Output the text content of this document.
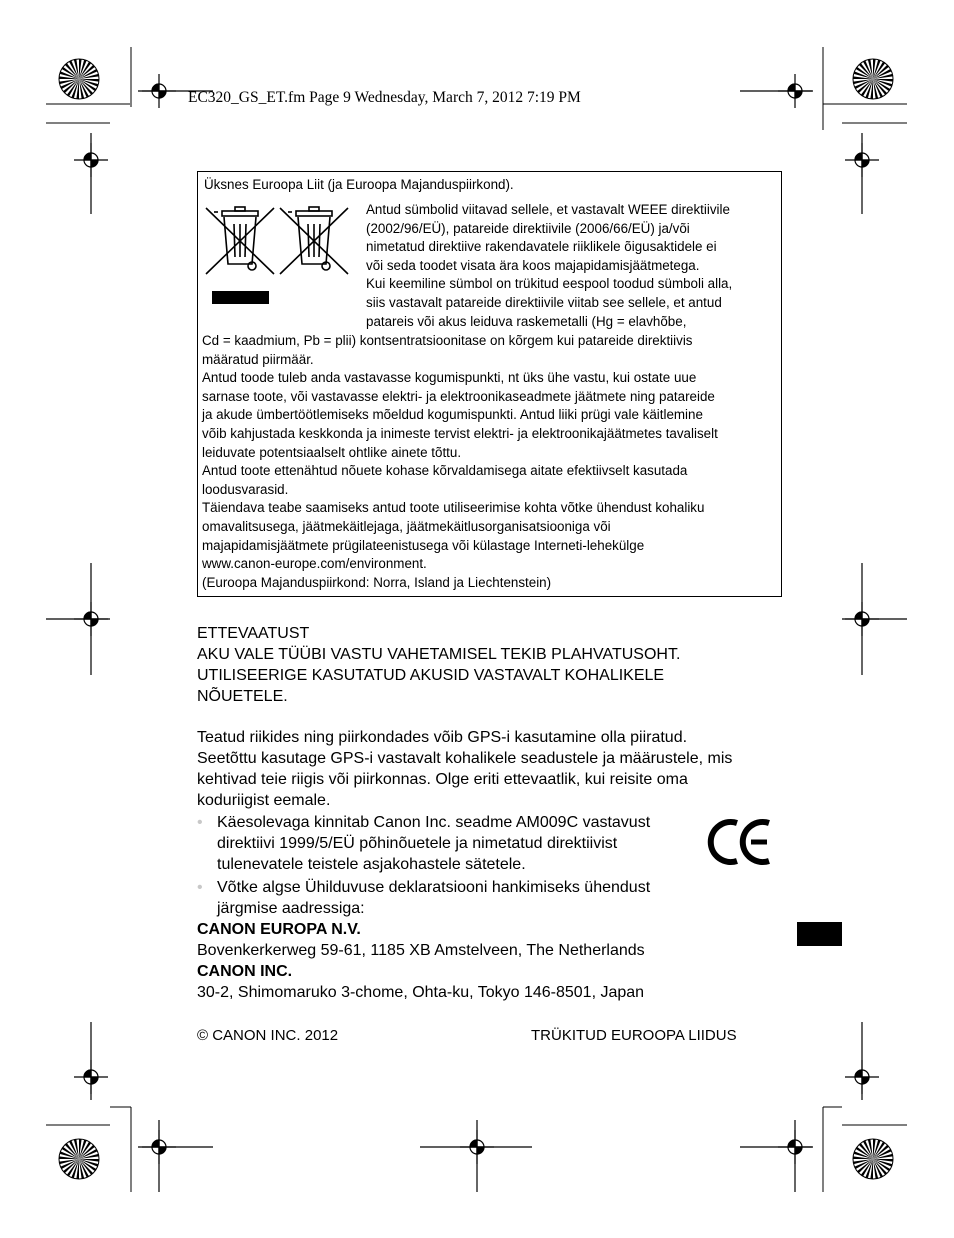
EC320_GS_ET.fm Page 9 Wednesday, March 7, 2012 7:19 PM
Üksnes Euroopa Liit (ja Euroopa Majanduspiirkond).
Antud sümbolid viitavad sellele, et vastavalt WEEE direktiivile
(2002/96/EÜ), patareide direktiivile (2006/66/EÜ) ja/või
nimetatud direktiive rakendavatele riiklikele õigusaktidele ei
või seda toodet visata ära koos majapidamisjäätmetega.
Kui keemiline sümbol on trükitud eespool toodud sümboli alla,
siis vastavalt patareide direktiivile viitab see sellele, et antud
patareis või akus leiduva raskemetalli (Hg = elavhõbe,
Cd = kaadmium, Pb = plii) kontsentratsioonitase on kõrgem kui patareide direktiivis
määratud piirmäär.
Antud toode tuleb anda vastavasse kogumispunkti, nt üks ühe vastu, kui ostate uue
sarnase toote, või vastavasse elektri- ja elektroonikaseadmete jäätmete ning patareide
ja akude ümbertöötlemiseks mõeldud kogumispunkti. Antud liiki prügi vale käitlemine
võib kahjustada keskkonda ja inimeste tervist elektri- ja elektroonikajäätmetes tavaliselt
leiduvate potentsiaalselt ohtlike ainete tõttu.
Antud toote ettenähtud nõuete kohase kõrvaldamisega aitate efektiivselt kasutada
loodusvarasid.
Täiendava teabe saamiseks antud toote utiliseerimise kohta võtke ühendust kohaliku
omavalitsusega, jäätmekäitlejaga, jäätmekäitlusorganisatsiooniga või
majapidamisjäätmete prügilateenistusega või külastage Interneti-lehekülge
www.canon-europe.com/environment.
(Euroopa Majanduspiirkond: Norra, Island ja Liechtenstein)
ETTEVAATUST
AKU VALE TÜÜBI VASTU VAHETAMISEL TEKIB PLAHVATUSOHT.
UTILISEERIGE KASUTATUD AKUSID VASTAVALT KOHALIKELE
NÕUETELE.
Teatud riikides ning piirkondades võib GPS-i kasutamine olla piiratud.
Seetõttu kasutage GPS-i vastavalt kohalikele seadustele ja määrustele, mis
kehtivad teie riigis või piirkonnas. Olge eriti ettevaatlik, kui reisite oma
koduriigist eemale.
• Käesolevaga kinnitab Canon Inc. seadme AM009C vastavust
direktiivi 1999/5/EÜ põhinõuetele ja nimetatud direktiivist
tulenevatele teistele asjakohastele sätetele.
• Võtke algse Ühilduvuse deklaratsiooni hankimiseks ühendust
järgmise aadressiga:
CANON EUROPA N.V.
Bovenkerkerweg 59-61, 1185 XB Amstelveen, The Netherlands
CANON INC.
30-2, Shimomaruko 3-chome, Ohta-ku, Tokyo 146-8501, Japan
© CANON INC. 2012	TRÜKITUD EUROOPA LIIDUS
